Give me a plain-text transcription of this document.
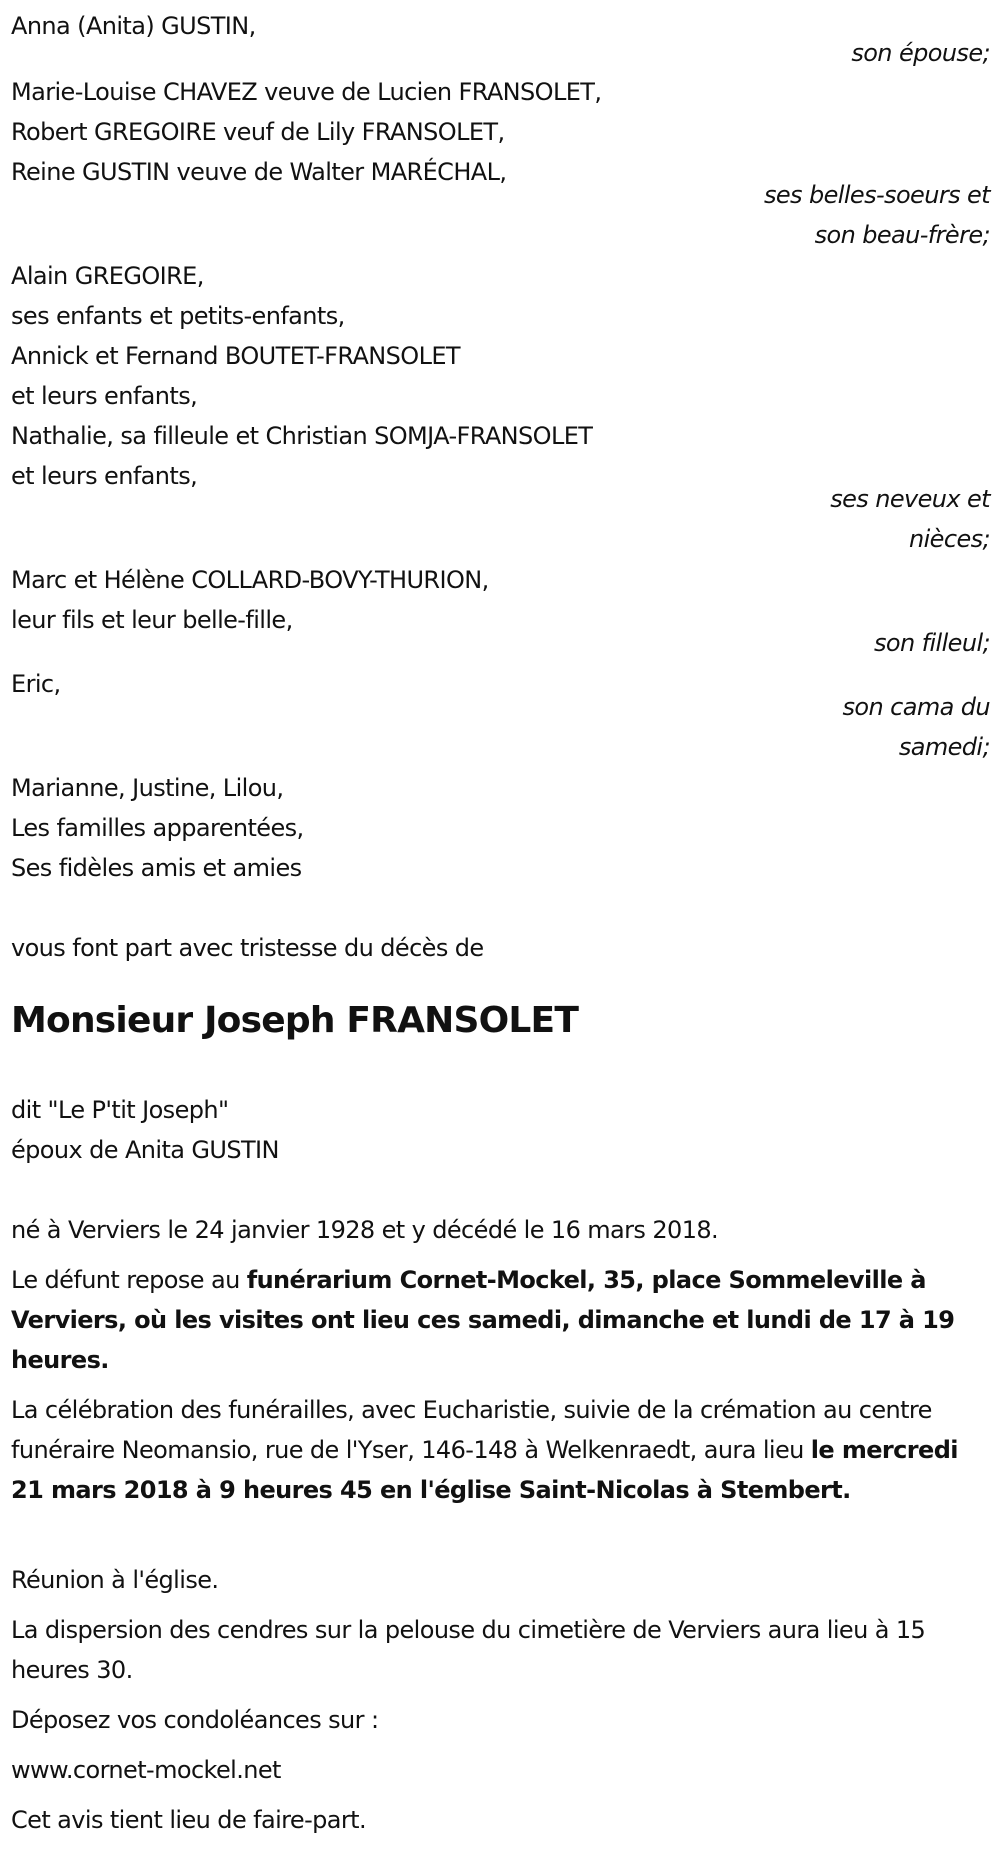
Anna (Anita) GUSTIN,
son épouse;
Marie-Louise CHAVEZ veuve de Lucien FRANSOLET,
Robert GREGOIRE veuf de Lily FRANSOLET,
Reine GUSTIN veuve de Walter MARÉCHAL,
ses belles-soeurs et
son beau-frère;
Alain GREGOIRE,
ses enfants et petits-enfants,
Annick et Fernand BOUTET-FRANSOLET
et leurs enfants,
Nathalie, sa filleule et Christian SOMJA-FRANSOLET
et leurs enfants,
ses neveux et
nièces;
Marc et Hélène COLLARD-BOVY-THURION,
leur fils et leur belle-fille,
son filleul;
Eric,
son cama du
samedi;
Marianne, Justine, Lilou,
Les familles apparentées,
Ses fidèles amis et amies
vous font part avec tristesse du décès de
Monsieur Joseph FRANSOLET
dit "Le P'tit Joseph"
époux de Anita GUSTIN
né à Verviers le 24 janvier 1928 et y décédé le 16 mars 2018.
Le défunt repose au funérarium Cornet-Mockel, 35, place Sommeleville à Verviers, où les visites ont lieu ces samedi, dimanche et lundi de 17 à 19 heures.
La célébration des funérailles, avec Eucharistie, suivie de la crémation au centre funéraire Neomansio, rue de l'Yser, 146-148 à Welkenraedt, aura lieu le mercredi 21 mars 2018 à 9 heures 45 en l'église Saint-Nicolas à Stembert.
Réunion à l'église.
La dispersion des cendres sur la pelouse du cimetière de Verviers aura lieu à 15 heures 30.
Déposez vos condoléances sur :
www.cornet-mockel.net
Cet avis tient lieu de faire-part.
